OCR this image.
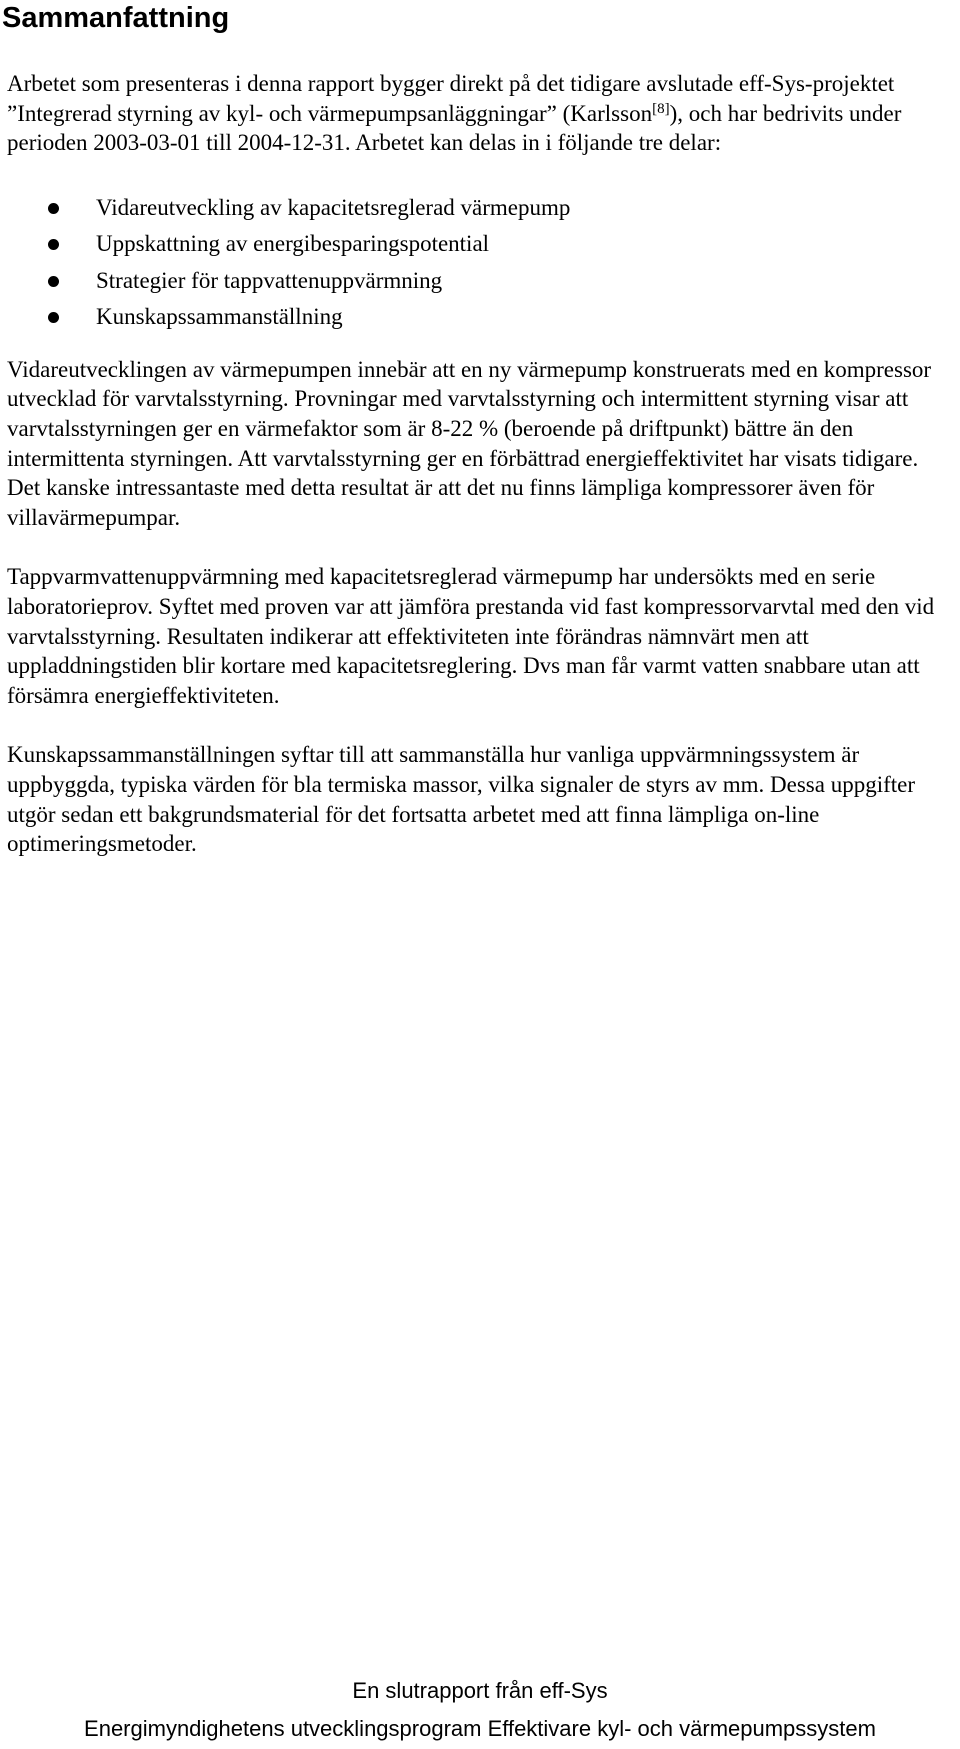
Sammanfattning

Arbetet som presenteras i denna rapport bygger direkt på det tidigare avslutade eff-Sys-projektet ”Integrerad styrning av kyl- och värmepumpsanläggningar” (Karlsson[8]), och har bedrivits under perioden 2003-03-01 till 2004-12-31. Arbetet kan delas in i följande tre delar:

Vidareutveckling av kapacitetsreglerad värmepump
Uppskattning av energibesparingspotential
Strategier för tappvattenuppvärmning
Kunskapssammanställning

Vidareutvecklingen av värmepumpen innebär att en ny värmepump konstruerats med en kompressor utvecklad för varvtalsstyrning. Provningar med varvtalsstyrning och intermittent styrning visar att varvtalsstyrningen ger en värmefaktor som är 8-22 % (beroende på driftpunkt) bättre än den intermittenta styrningen. Att varvtalsstyrning ger en förbättrad energieffektivitet har visats tidigare. Det kanske intressantaste med detta resultat är att det nu finns lämpliga kompressorer även för villavärmepumpar.

Tappvarmvattenuppvärmning med kapacitetsreglerad värmepump har undersökts med en serie laboratorieprov. Syftet med proven var att jämföra prestanda vid fast kompressorvarvtal med den vid varvtalsstyrning. Resultaten indikerar att effektiviteten inte förändras nämnvärt men att uppladdningstiden blir kortare med kapacitetsreglering. Dvs man får varmt vatten snabbare utan att försämra energieffektiviteten.

Kunskapssammanställningen syftar till att sammanställa hur vanliga uppvärmningssystem är uppbyggda, typiska värden för bla termiska massor, vilka signaler de styrs av mm. Dessa uppgifter utgör sedan ett bakgrundsmaterial för det fortsatta arbetet med att finna lämpliga on-line optimeringsmetoder.

En slutrapport från eff-Sys
Energimyndighetens utvecklingsprogram Effektivare kyl- och värmepumpssystem
